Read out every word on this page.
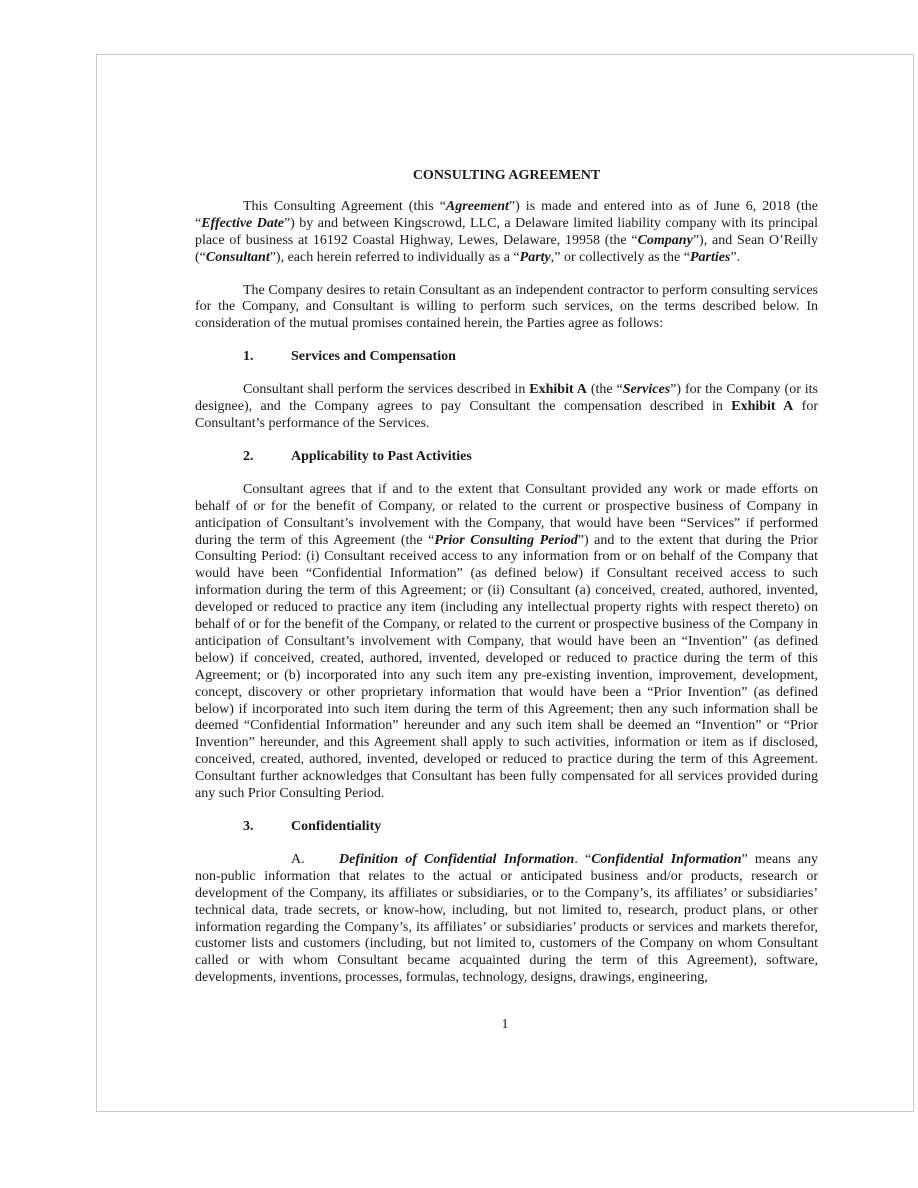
CONSULTING AGREEMENT

This Consulting Agreement (this “Agreement”) is made and entered into as of June 6, 2018 (the “Effective Date”) by and between Kingscrowd, LLC, a Delaware limited liability company with its principal place of business at 16192 Coastal Highway, Lewes, Delaware, 19958 (the “Company”), and Sean O’Reilly (“Consultant”), each herein referred to individually as a “Party,” or collectively as the “Parties”.

The Company desires to retain Consultant as an independent contractor to perform consulting services for the Company, and Consultant is willing to perform such services, on the terms described below. In consideration of the mutual promises contained herein, the Parties agree as follows:

1.	Services and Compensation

Consultant shall perform the services described in Exhibit A (the “Services”) for the Company (or its designee), and the Company agrees to pay Consultant the compensation described in Exhibit A for Consultant’s performance of the Services.

2.	Applicability to Past Activities

Consultant agrees that if and to the extent that Consultant provided any work or made efforts on behalf of or for the benefit of Company, or related to the current or prospective business of Company in anticipation of Consultant’s involvement with the Company, that would have been “Services” if performed during the term of this Agreement (the “Prior Consulting Period”) and to the extent that during the Prior Consulting Period: (i) Consultant received access to any information from or on behalf of the Company that would have been “Confidential Information” (as defined below) if Consultant received access to such information during the term of this Agreement; or (ii) Consultant (a) conceived, created, authored, invented, developed or reduced to practice any item (including any intellectual property rights with respect thereto) on behalf of or for the benefit of the Company, or related to the current or prospective business of the Company in anticipation of Consultant’s involvement with Company, that would have been an “Invention” (as defined below) if conceived, created, authored, invented, developed or reduced to practice during the term of this Agreement; or (b) incorporated into any such item any pre-existing invention, improvement, development, concept, discovery or other proprietary information that would have been a “Prior Invention” (as defined below) if incorporated into such item during the term of this Agreement; then any such information shall be deemed “Confidential Information” hereunder and any such item shall be deemed an “Invention” or “Prior Invention” hereunder, and this Agreement shall apply to such activities, information or item as if disclosed, conceived, created, authored, invented, developed or reduced to practice during the term of this Agreement. Consultant further acknowledges that Consultant has been fully compensated for all services provided during any such Prior Consulting Period.

3.	Confidentiality

A. Definition of Confidential Information. “Confidential Information” means any non-public information that relates to the actual or anticipated business and/or products, research or development of the Company, its affiliates or subsidiaries, or to the Company’s, its affiliates’ or subsidiaries’ technical data, trade secrets, or know-how, including, but not limited to, research, product plans, or other information regarding the Company’s, its affiliates’ or subsidiaries’ products or services and markets therefor, customer lists and customers (including, but not limited to, customers of the Company on whom Consultant called or with whom Consultant became acquainted during the term of this Agreement), software, developments, inventions, processes, formulas, technology, designs, drawings, engineering,

1
